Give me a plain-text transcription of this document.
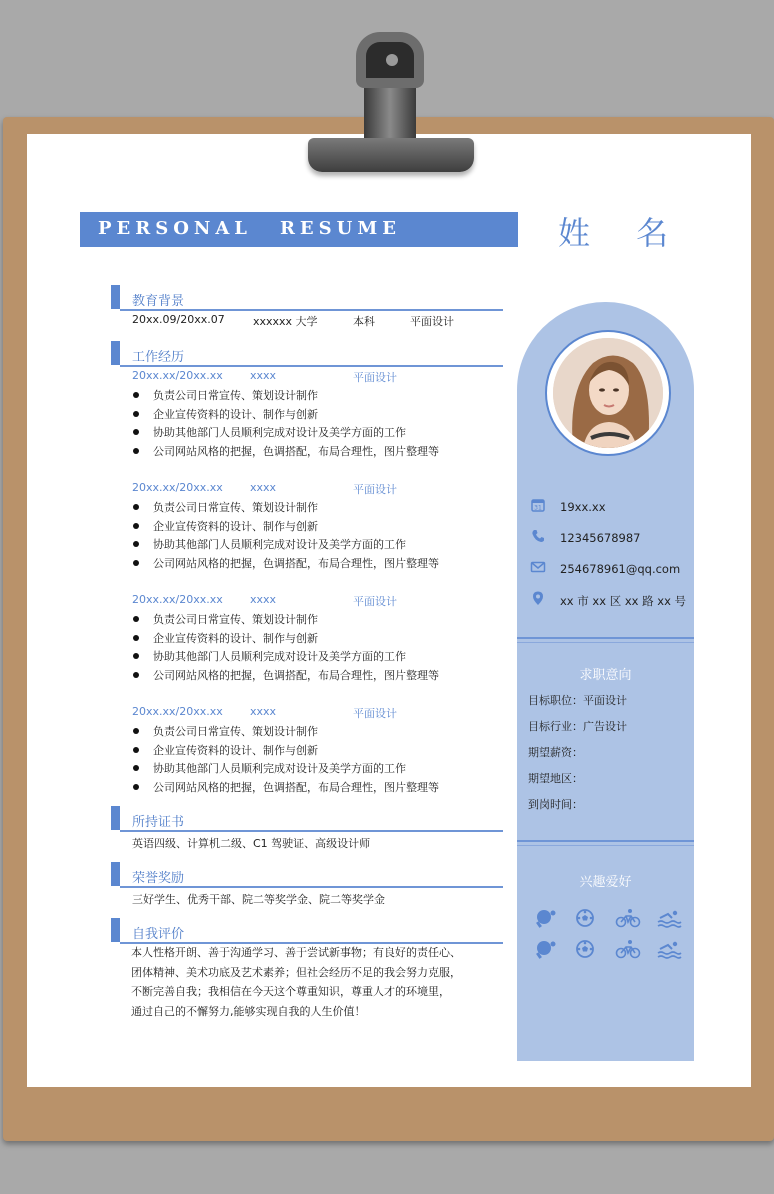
PERSONAL RESUME	姓 名
教育背景
20xx.09/20xx.07	xxxxxx 大学	本科	平面设计
工作经历
20xx.xx/20xx.xx xxxx	平面设计
负责公司日常宣传、策划设计制作
企业宣传资料的设计、制作与创新
协助其他部门人员顺利完成对设计及美学方面的工作
公司网站风格的把握，色调搭配，布局合理性，图片整理等
20xx.xx/20xx.xx xxxx	平面设计
负责公司日常宣传、策划设计制作
企业宣传资料的设计、制作与创新
协助其他部门人员顺利完成对设计及美学方面的工作
公司网站风格的把握，色调搭配，布局合理性，图片整理等
20xx.xx/20xx.xx xxxx	平面设计
负责公司日常宣传、策划设计制作
企业宣传资料的设计、制作与创新
协助其他部门人员顺利完成对设计及美学方面的工作
公司网站风格的把握，色调搭配，布局合理性，图片整理等
20xx.xx/20xx.xx xxxx	平面设计
负责公司日常宣传、策划设计制作
企业宣传资料的设计、制作与创新
协助其他部门人员顺利完成对设计及美学方面的工作
公司网站风格的把握，色调搭配，布局合理性，图片整理等
所持证书
英语四级、计算机二级、C1 驾驶证、高级设计师
荣誉奖励
三好学生、优秀干部、院二等奖学金、院二等奖学金
自我评价
本人性格开朗、善于沟通学习、善于尝试新事物；有良好的责任心、
团体精神、美术功底及艺术素养；但社会经历不足的我会努力克服，
不断完善自我；我相信在今天这个尊重知识，尊重人才的环境里，
通过自己的不懈努力,能够实现自我的人生价值！
31 19xx.xx
12345678987
254678961@qq.com
xx 市 xx 区 xx 路 xx 号
求职意向
目标职位：平面设计
目标行业：广告设计
期望薪资：
期望地区：
到岗时间：
兴趣爱好
